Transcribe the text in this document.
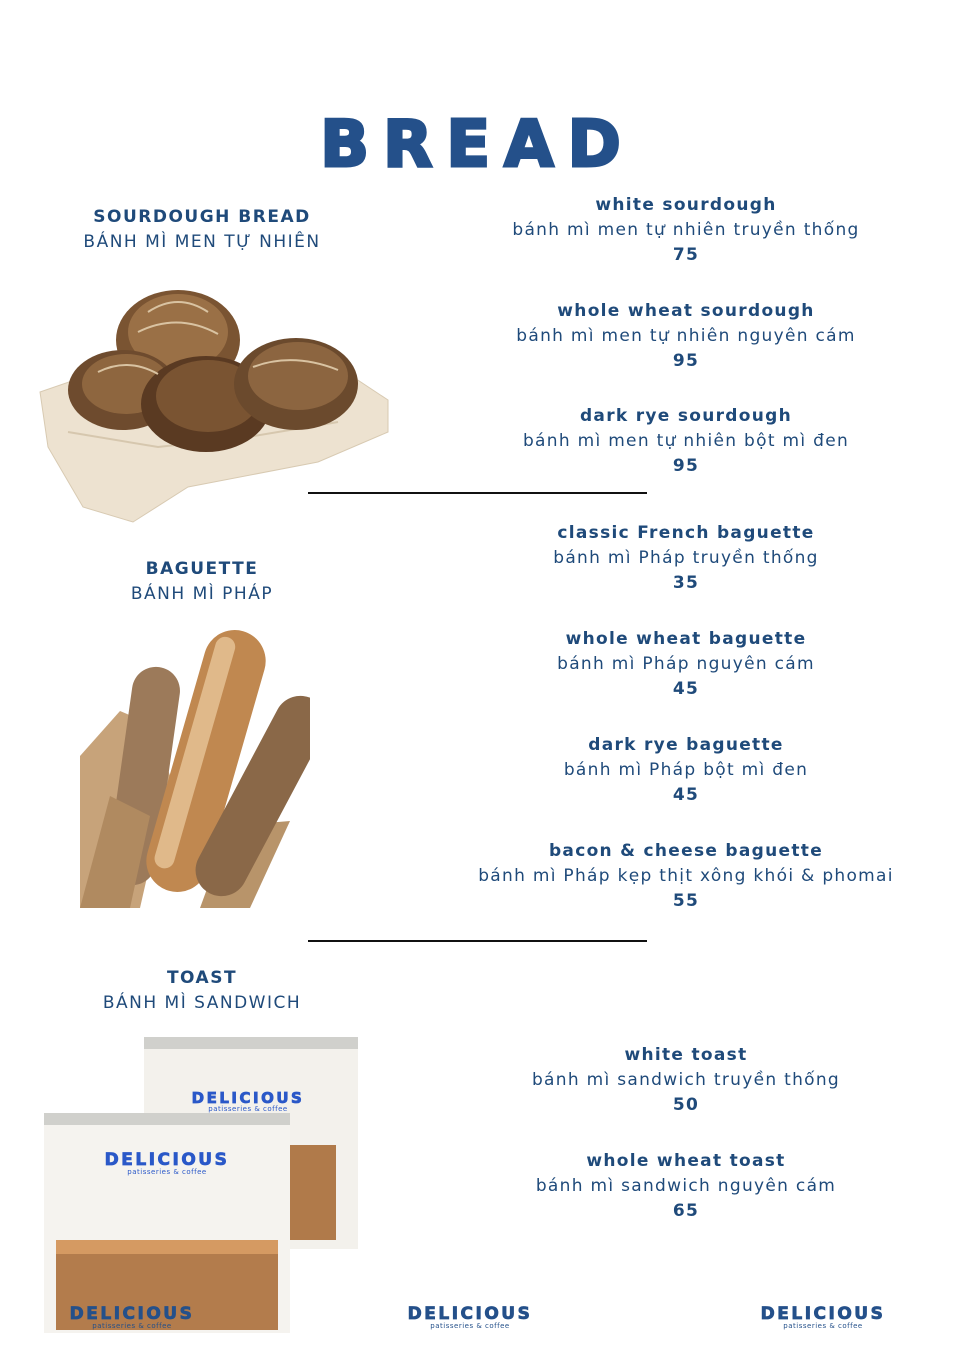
BREAD
SOURDOUGH BREAD
BÁNH MÌ MEN TỰ NHIÊN
BAGUETTE
BÁNH MÌ PHÁP
TOAST
BÁNH MÌ SANDWICH
white sourdough
bánh mì men tự nhiên truyền thống
75
whole wheat sourdough
bánh mì men tự nhiên nguyên cám
95
dark rye sourdough
bánh mì men tự nhiên bột mì đen
95
classic French baguette
bánh mì Pháp truyền thống
35
whole wheat baguette
bánh mì Pháp nguyên cám
45
dark rye baguette
bánh mì Pháp bột mì đen
45
bacon & cheese baguette
bánh mì Pháp kẹp thịt xông khói & phomai
55
white toast
bánh mì sandwich truyền thống
50
whole wheat toast
bánh mì sandwich nguyên cám
65
DELICIOUS
patisseries & coffee
DELICIOUS
patisseries & coffee
DELICIOUS
patisseries & coffee
DELICIOUS
patisseries & coffee
DELICIOUS
patisseries & coffee
